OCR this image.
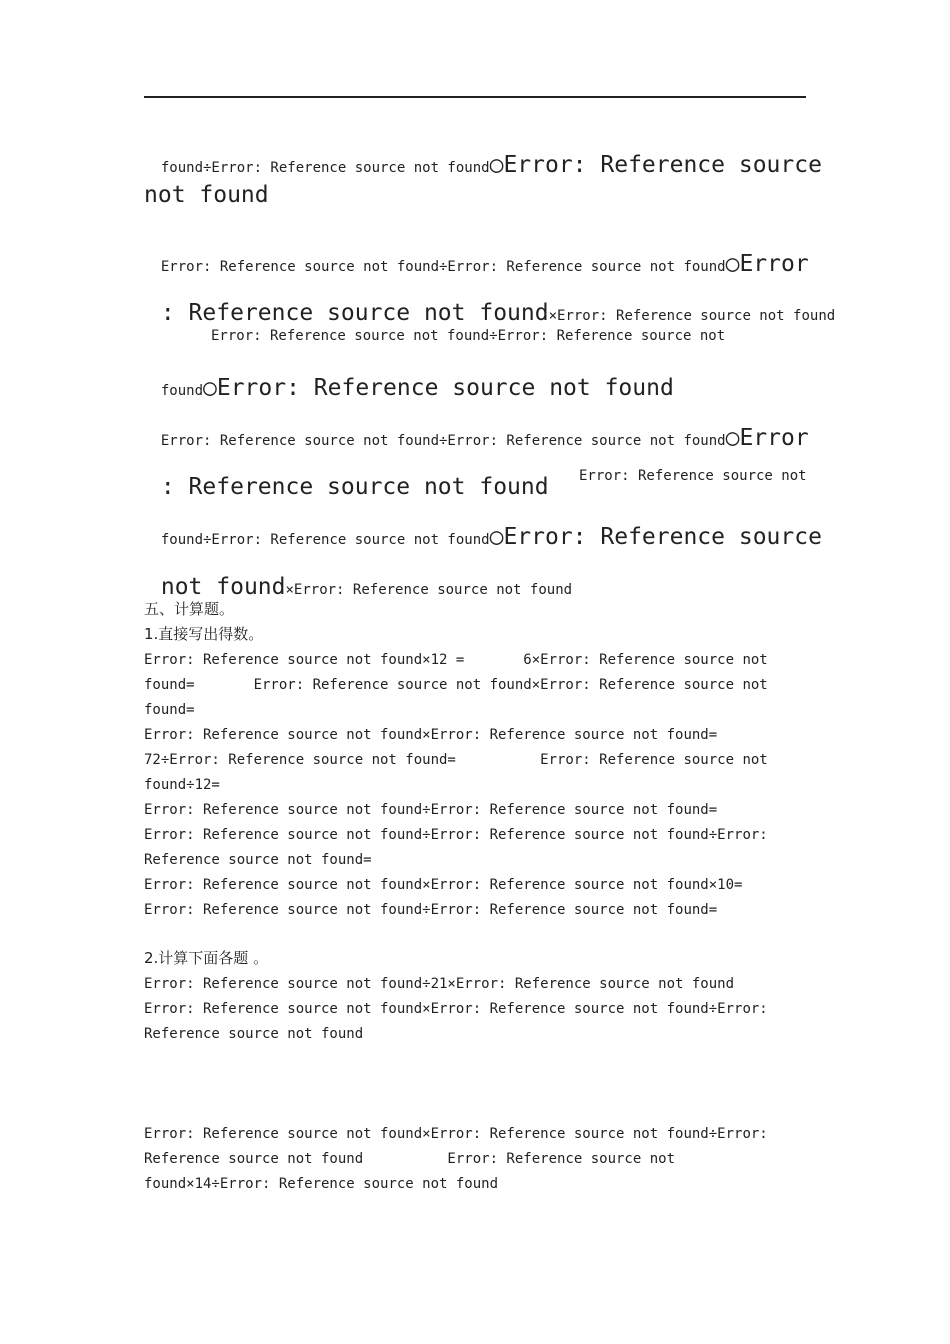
found÷Error: Reference source not found○Error: Reference source

not found

Error: Reference source not found÷Error: Reference source not found○Error

: Reference source not found×Error: Reference source not found

Error: Reference source not found÷Error: Reference source not

found○Error: Reference source not found

Error: Reference source not found÷Error: Reference source not found○Error

: Reference source not found Error: Reference source not

found÷Error: Reference source not found○Error: Reference source

not found×Error: Reference source not found

五、计算题。
1.直接写出得数。
Error: Reference source not found×12 =       6×Error: Reference source not
found=       Error: Reference source not found×Error: Reference source not
found=
Error: Reference source not found×Error: Reference source not found=
72÷Error: Reference source not found=          Error: Reference source not
found÷12=
Error: Reference source not found÷Error: Reference source not found=
Error: Reference source not found÷Error: Reference source not found÷Error:
Reference source not found=
Error: Reference source not found×Error: Reference source not found×10=
Error: Reference source not found÷Error: Reference source not found=
2.计算下面各题 。
Error: Reference source not found÷21×Error: Reference source not found
Error: Reference source not found×Error: Reference source not found÷Error:
Reference source not found
Error: Reference source not found×Error: Reference source not found÷Error:
Reference source not found          Error: Reference source not
found×14÷Error: Reference source not found
